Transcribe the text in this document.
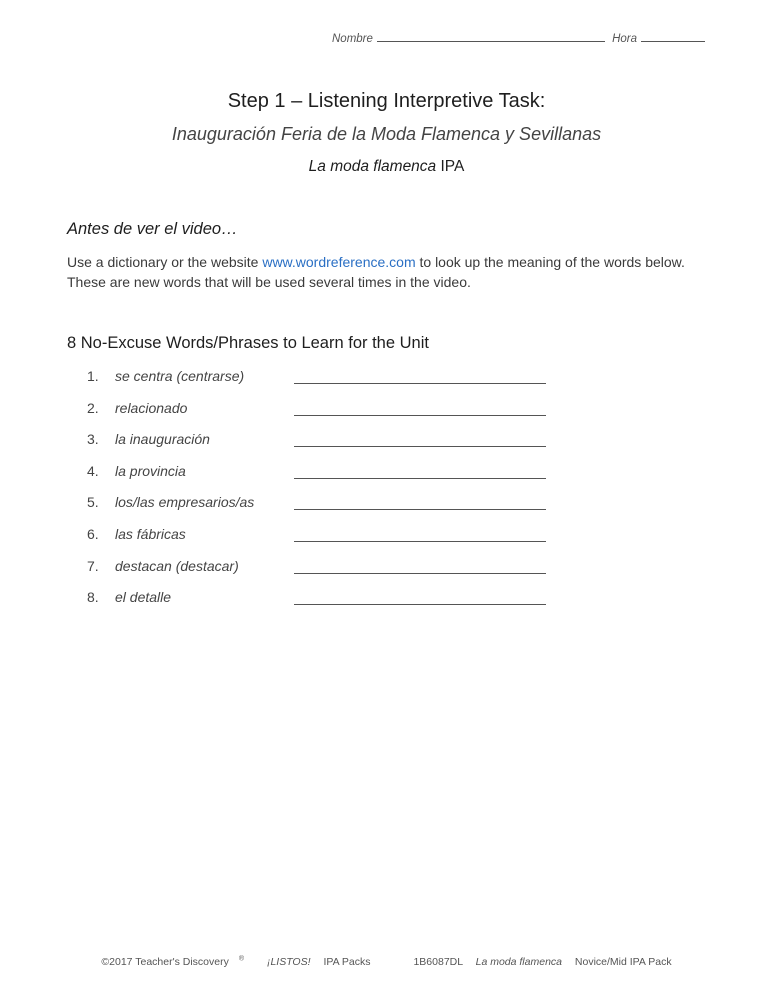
Nombre	Hora
Step 1 – Listening Interpretive Task:
Inauguración Feria de la Moda Flamenca y Sevillanas
La moda flamenca IPA
Antes de ver el video…
Use a dictionary or the website www.wordreference.com to look up the meaning of the words below. These are new words that will be used several times in the video.
8 No-Excuse Words/Phrases to Learn for the Unit
1.	se centra (centrarse)
2.	relacionado
3.	la inauguración
4.	la provincia
5.	los/las empresarios/as
6.	las fábricas
7.	destacan (destacar)
8.	el detalle
©2017 Teacher's Discovery ® ¡LISTOS! IPA Packs	1B6087DL La moda flamenca Novice/Mid IPA Pack
